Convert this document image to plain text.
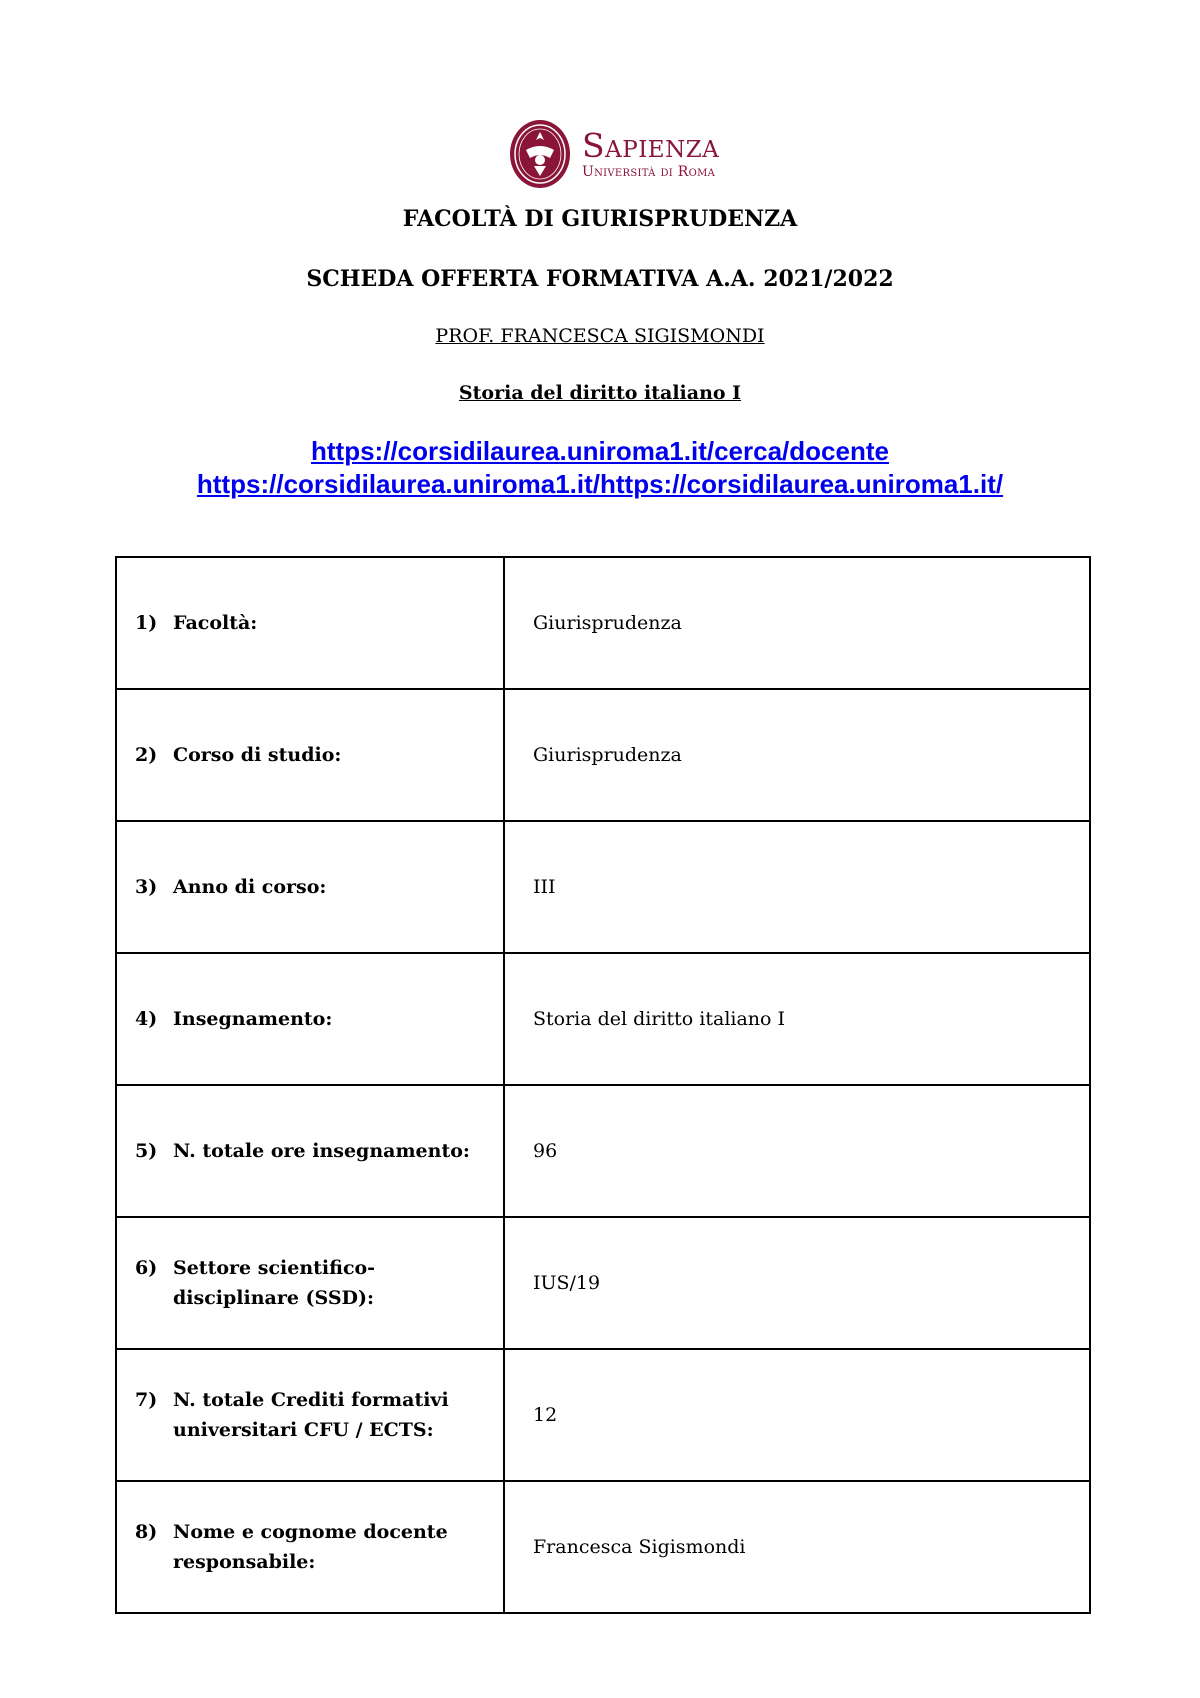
Sapienza
Università di Roma
FACOLTÀ DI GIURISPRUDENZA
SCHEDA OFFERTA FORMATIVA A.A. 2021/2022
PROF. FRANCESCA SIGISMONDI
Storia del diritto italiano I
https://corsidilaurea.uniroma1.it/cerca/docente
https://corsidilaurea.uniroma1.it/https://corsidilaurea.uniroma1.it/
1) Facoltà:	Giurisprudenza

2) Corso di studio:	Giurisprudenza

3) Anno di corso:	III

4) Insegnamento:	Storia del diritto italiano I

5) N. totale ore insegnamento:	96

6) Settore scientifico-disciplinare (SSD):	IUS/19

7) N. totale Crediti formativi universitari CFU / ECTS:	12

8) Nome e cognome docente responsabile:	Francesca Sigismondi
